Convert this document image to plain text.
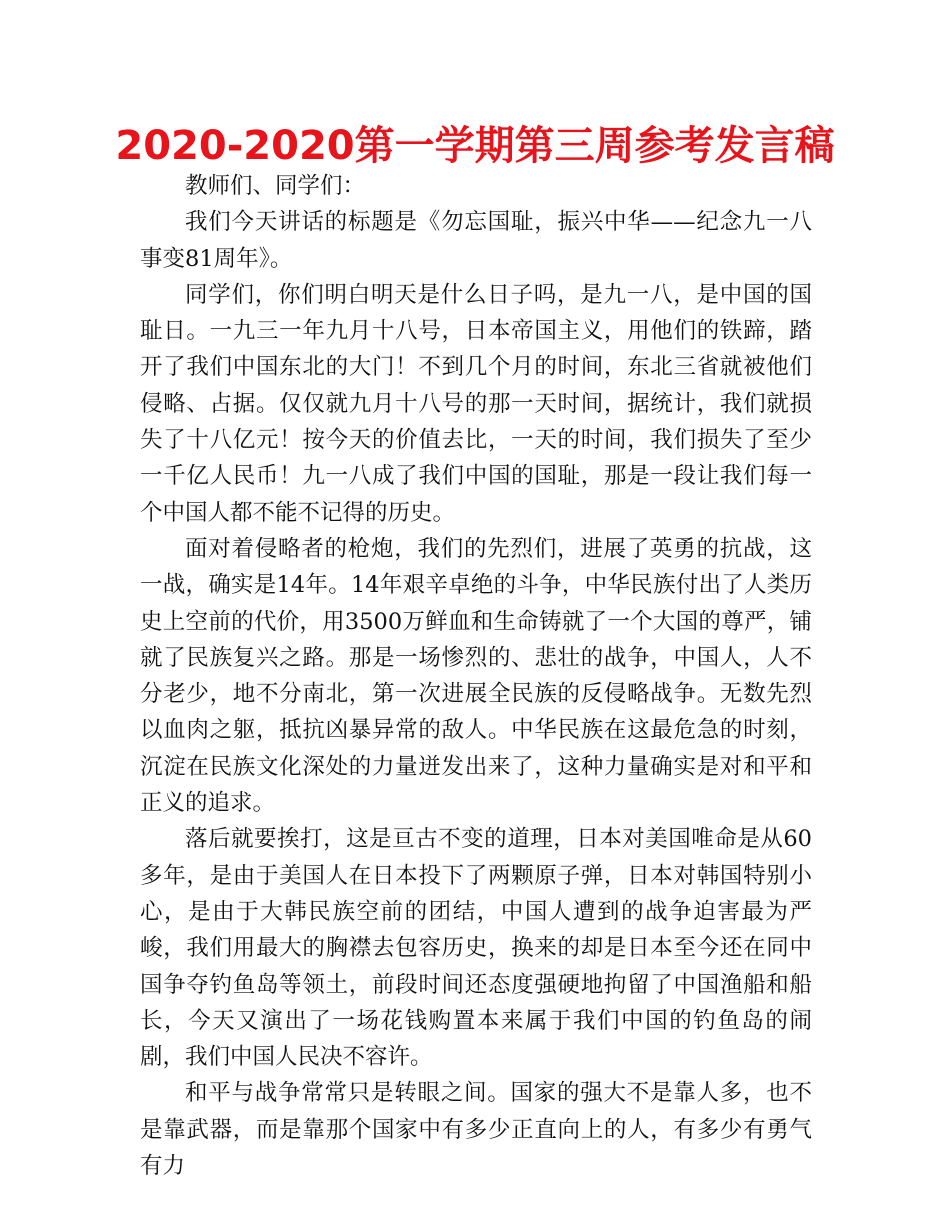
2020-2020第一学期第三周参考发言稿

教师们、同学们：

我们今天讲话的标题是《勿忘国耻，振兴中华——纪念九一八事变81周年》。

同学们，你们明白明天是什么日子吗，是九一八，是中国的国耻日。一九三一年九月十八号，日本帝国主义，用他们的铁蹄，踏开了我们中国东北的大门！不到几个月的时间，东北三省就被他们侵略、占据。仅仅就九月十八号的那一天时间，据统计，我们就损失了十八亿元！按今天的价值去比，一天的时间，我们损失了至少一千亿人民币！九一八成了我们中国的国耻，那是一段让我们每一个中国人都不能不记得的历史。

面对着侵略者的枪炮，我们的先烈们，进展了英勇的抗战，这一战，确实是14年。14年艰辛卓绝的斗争，中华民族付出了人类历史上空前的代价，用3500万鲜血和生命铸就了一个大国的尊严，铺就了民族复兴之路。那是一场惨烈的、悲壮的战争，中国人，人不分老少，地不分南北，第一次进展全民族的反侵略战争。无数先烈以血肉之躯，抵抗凶暴异常的敌人。中华民族在这最危急的时刻，沉淀在民族文化深处的力量迸发出来了，这种力量确实是对和平和正义的追求。

落后就要挨打，这是亘古不变的道理，日本对美国唯命是从60多年，是由于美国人在日本投下了两颗原子弹，日本对韩国特别小心，是由于大韩民族空前的团结，中国人遭到的战争迫害最为严峻，我们用最大的胸襟去包容历史，换来的却是日本至今还在同中国争夺钓鱼岛等领土，前段时间还态度强硬地拘留了中国渔船和船长，今天又演出了一场花钱购置本来属于我们中国的钓鱼岛的闹剧，我们中国人民决不容许。

和平与战争常常只是转眼之间。国家的强大不是靠人多，也不是靠武器，而是靠那个国家中有多少正直向上的人，有多少有勇气有力
